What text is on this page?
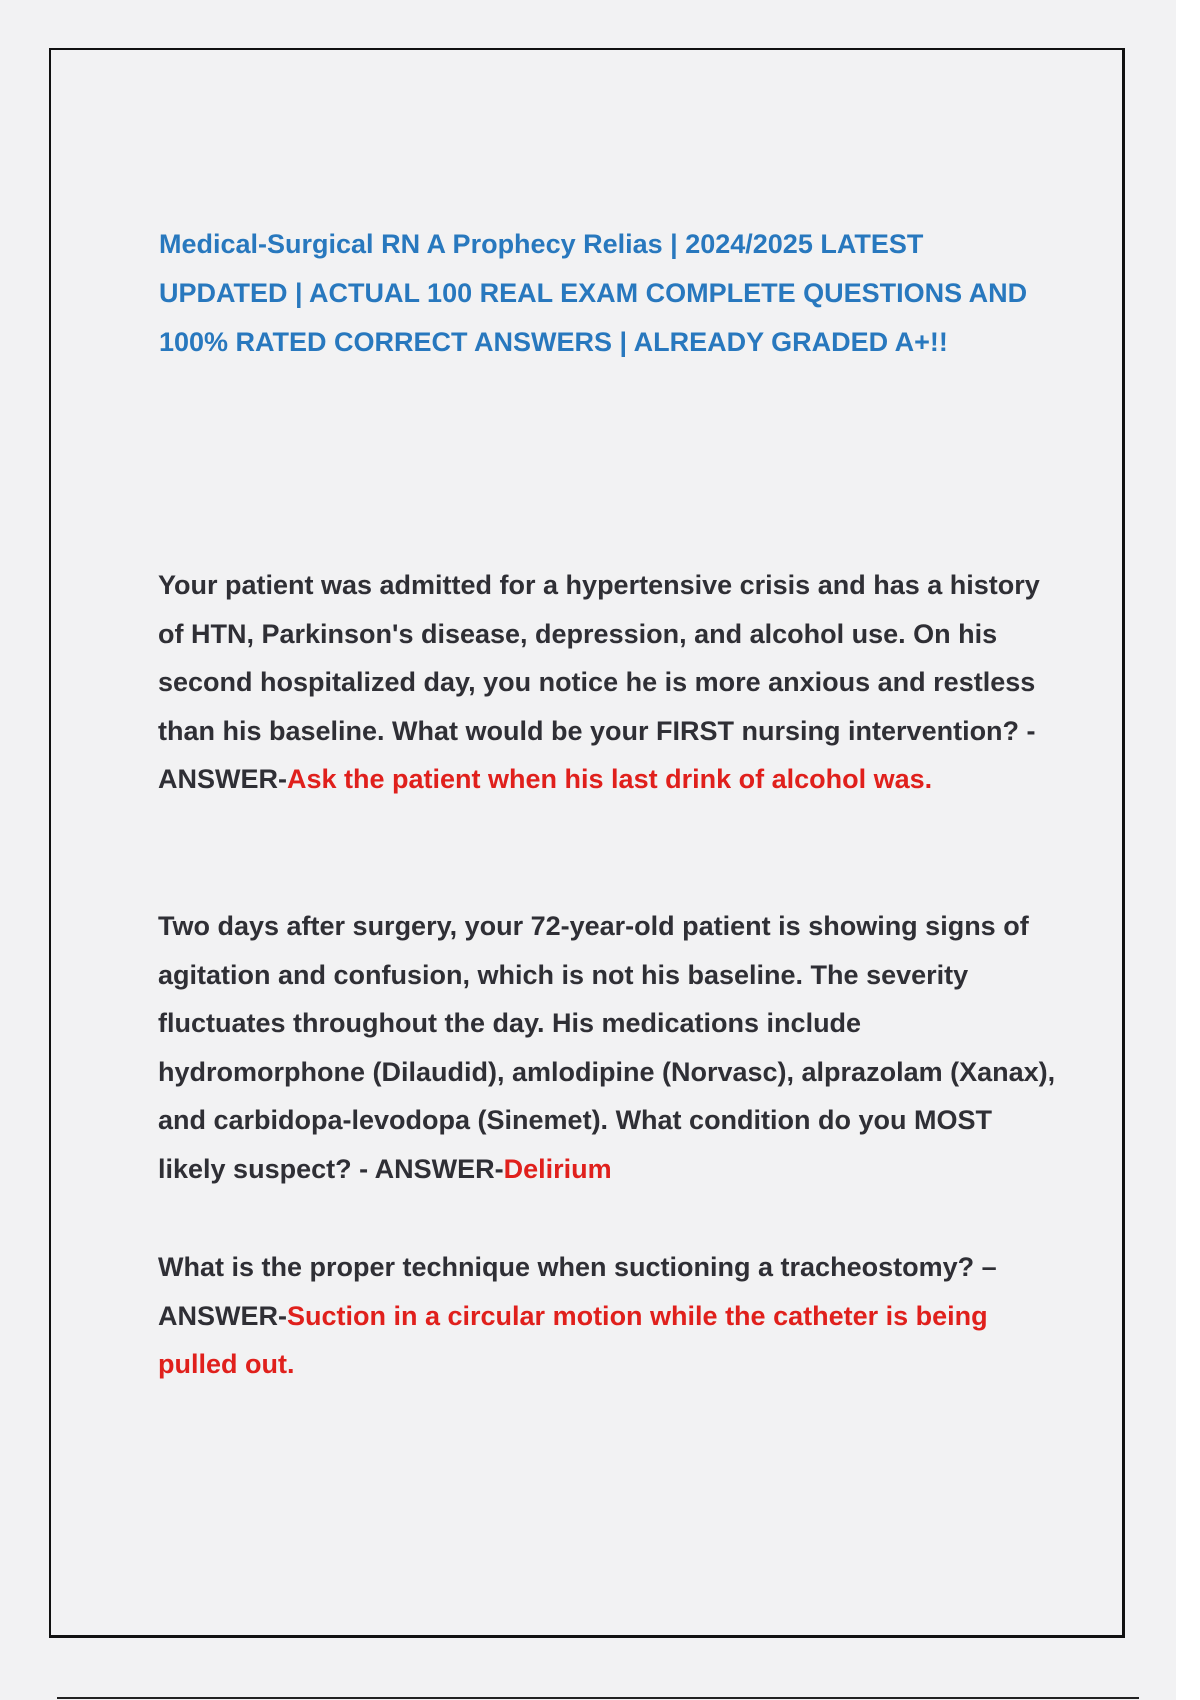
Medical-Surgical RN A Prophecy Relias | 2024/2025 LATEST UPDATED | ACTUAL 100 REAL EXAM COMPLETE QUESTIONS AND 100% RATED CORRECT ANSWERS | ALREADY GRADED A+!!

Your patient was admitted for a hypertensive crisis and has a history of HTN, Parkinson's disease, depression, and alcohol use. On his second hospitalized day, you notice he is more anxious and restless than his baseline. What would be your FIRST nursing intervention? - ANSWER-Ask the patient when his last drink of alcohol was.

Two days after surgery, your 72-year-old patient is showing signs of agitation and confusion, which is not his baseline. The severity fluctuates throughout the day. His medications include hydromorphone (Dilaudid), amlodipine (Norvasc), alprazolam (Xanax), and carbidopa-levodopa (Sinemet). What condition do you MOST likely suspect? - ANSWER-Delirium

What is the proper technique when suctioning a tracheostomy? – ANSWER-Suction in a circular motion while the catheter is being pulled out.
